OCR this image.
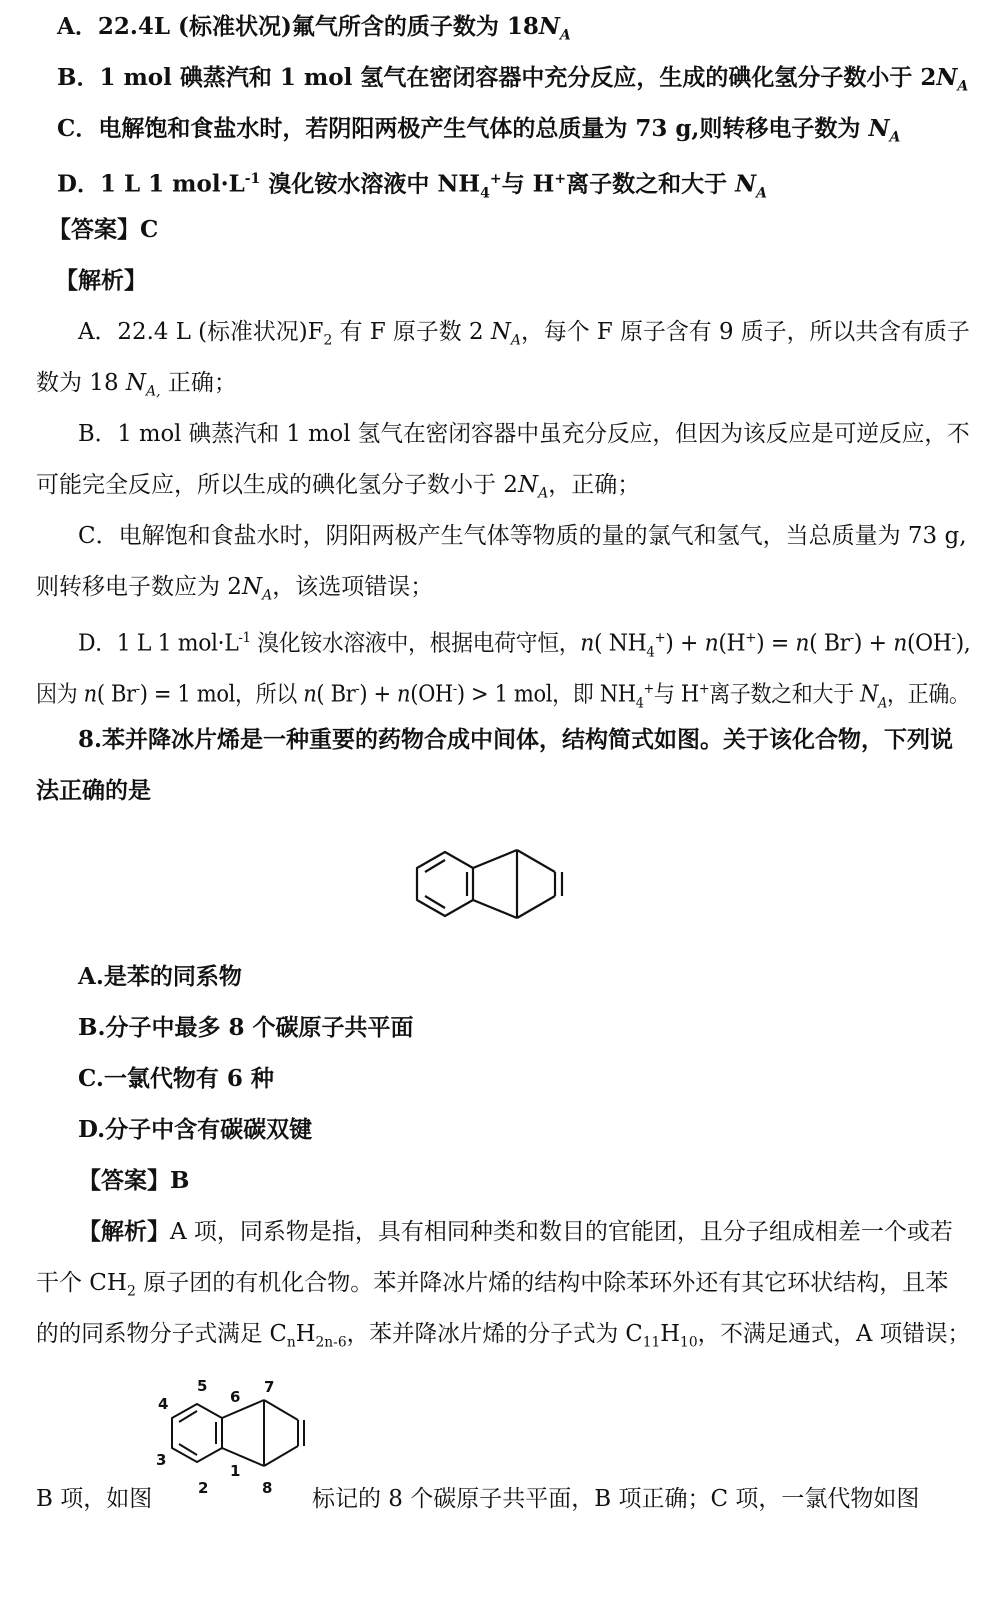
A．22.4L (标准状况)氟气所含的质子数为 $18N_A$
B．1 mol 碘蒸汽和 1 mol 氢气在密闭容器中充分反应，生成的碘化氢分子数小于 $2N_A$
C．电解饱和食盐水时，若阴阳两极产生气体的总质量为 73 g,则转移电子数为 $N_A$
D．1 L 1 $mol\cdot L^{-1}$ 溴化铵水溶液中 $NH_4^+$与 H+离子数之和大于 $N_A$
【答案】C
【解析】
A．22.4 L (标准状况)$F_2$ 有 F 原子数 2 $N_A$，每个 F 原子含有 9 质子，所以共含有质子
数为 18 $N_{A,}$ 正确；
B．1 mol 碘蒸汽和 1 mol 氢气在密闭容器中虽充分反应，但因为该反应是可逆反应，不
可能完全反应，所以生成的碘化氢分子数小于 $2N_A$，正确；
C．电解饱和食盐水时，阴阳两极产生气体等物质的量的氯气和氢气，当总质量为 73 g,
则转移电子数应为 $2N_A$，该选项错误；
D．1 L 1 $mol\cdot L^{-1}$ 溴化铵水溶液中，根据电荷守恒，n( $NH_4^+) + n(H^+) = n$( Br-) + n(OH-),
因为 n( Br-) = 1 mol，所以 n( Br-) + n(OH-) > 1 mol，即 $NH_4^+$与 H+离子数之和大于 $N_A$，正确。
8.苯并降冰片烯是一种重要的药物合成中间体，结构简式如图。关于该化合物，下列说
法正确的是
A.是苯的同系物
B.分子中最多 8 个碳原子共平面
C.一氯代物有 6 种
D.分子中含有碳碳双键
【答案】B
【解析】A 项，同系物是指，具有相同种类和数目的官能团，且分子组成相差一个或若
干个 $CH_2$ 原子团的有机化合物。苯并降冰片烯的结构中除苯环外还有其它环状结构，且苯
的的同系物分子式满足 $C_nH_{2n-6}$，苯并降冰片烯的分子式为 $C_{11}H_{10}$，不满足通式，A 项错误；
1
2
3
4
5
6
7
8
B 项，如图	标记的 8 个碳原子共平面，B 项正确；C 项，一氯代物如图
